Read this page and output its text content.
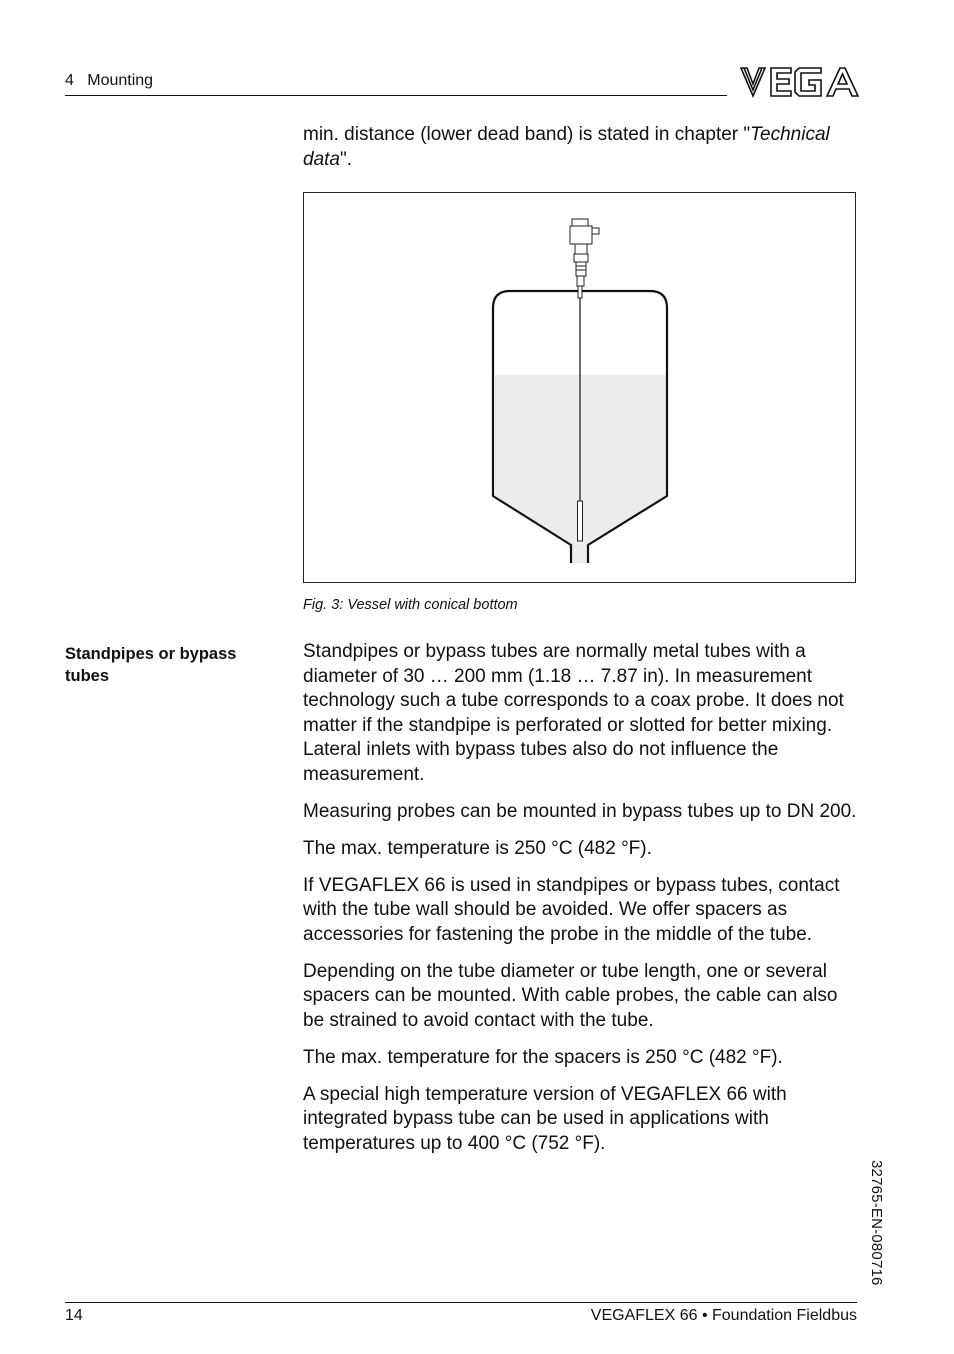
4   Mounting
min. distance (lower dead band) is stated in chapter "Technical data".
Fig. 3: Vessel with conical bottom
Standpipes or bypass tubes

Standpipes or bypass tubes are normally metal tubes with a diameter of 30 … 200 mm (1.18 … 7.87 in). In measurement technology such a tube corresponds to a coax probe. It does not matter if the standpipe is perforated or slotted for better mixing. Lateral inlets with bypass tubes also do not influence the measurement.

Measuring probes can be mounted in bypass tubes up to DN 200.

The max. temperature is 250 °C (482 °F).

If VEGAFLEX 66 is used in standpipes or bypass tubes, contact with the tube wall should be avoided. We offer spacers as accessories for fastening the probe in the middle of the tube.

Depending on the tube diameter or tube length, one or several spacers can be mounted. With cable probes, the cable can also be strained to avoid contact with the tube.

The max. temperature for the spacers is 250 °C (482 °F).

A special high temperature version of VEGAFLEX 66 with integrated bypass tube can be used in applications with temperatures up to 400 °C (752 °F).

32765-EN-080716
14	VEGAFLEX 66 • Foundation Fieldbus
